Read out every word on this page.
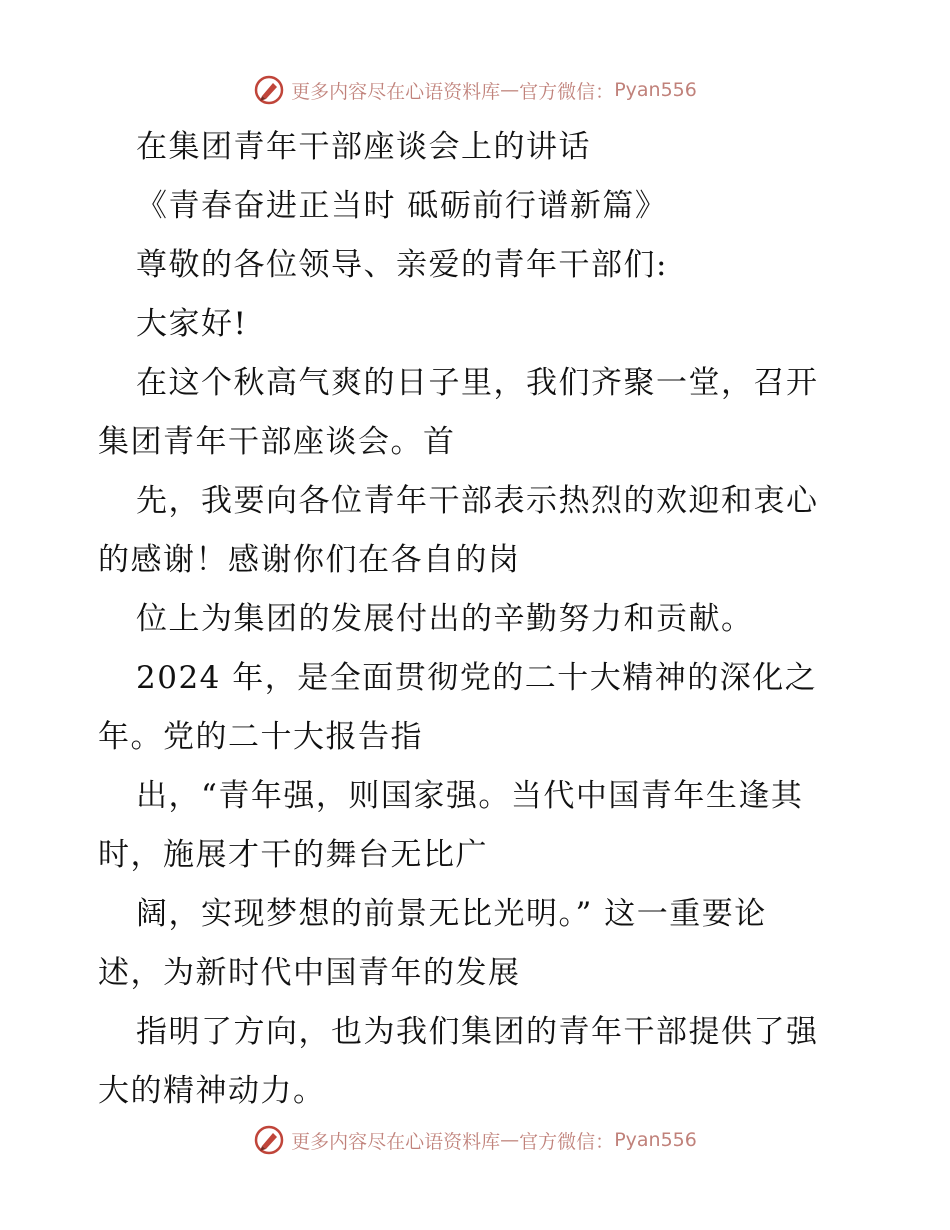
更多内容尽在心语资料库 — 官方微信： Pyan556
在集团青年干部座谈会上的讲话
《青春奋进正当时 砥砺前行谱新篇》
尊敬的各位领导、亲爱的青年干部们:
大家好!
在这个秋高气爽的日子里，我们齐聚一堂，召开
集团青年干部座谈会。首
先，我要向各位青年干部表示热烈的欢迎和衷心
的感谢！感谢你们在各自的岗
位上为集团的发展付出的辛勤努力和贡献。
2024 年，是全面贯彻党的二十大精神的深化之
年。党的二十大报告指
出，“青年强，则国家强。当代中国青年生逢其
时，施展才干的舞台无比广
阔，实现梦想的前景无比光明。” 这一重要论
述，为新时代中国青年的发展
指明了方向，也为我们集团的青年干部提供了强
大的精神动力。
更多内容尽在心语资料库 — 官方微信： Pyan556
